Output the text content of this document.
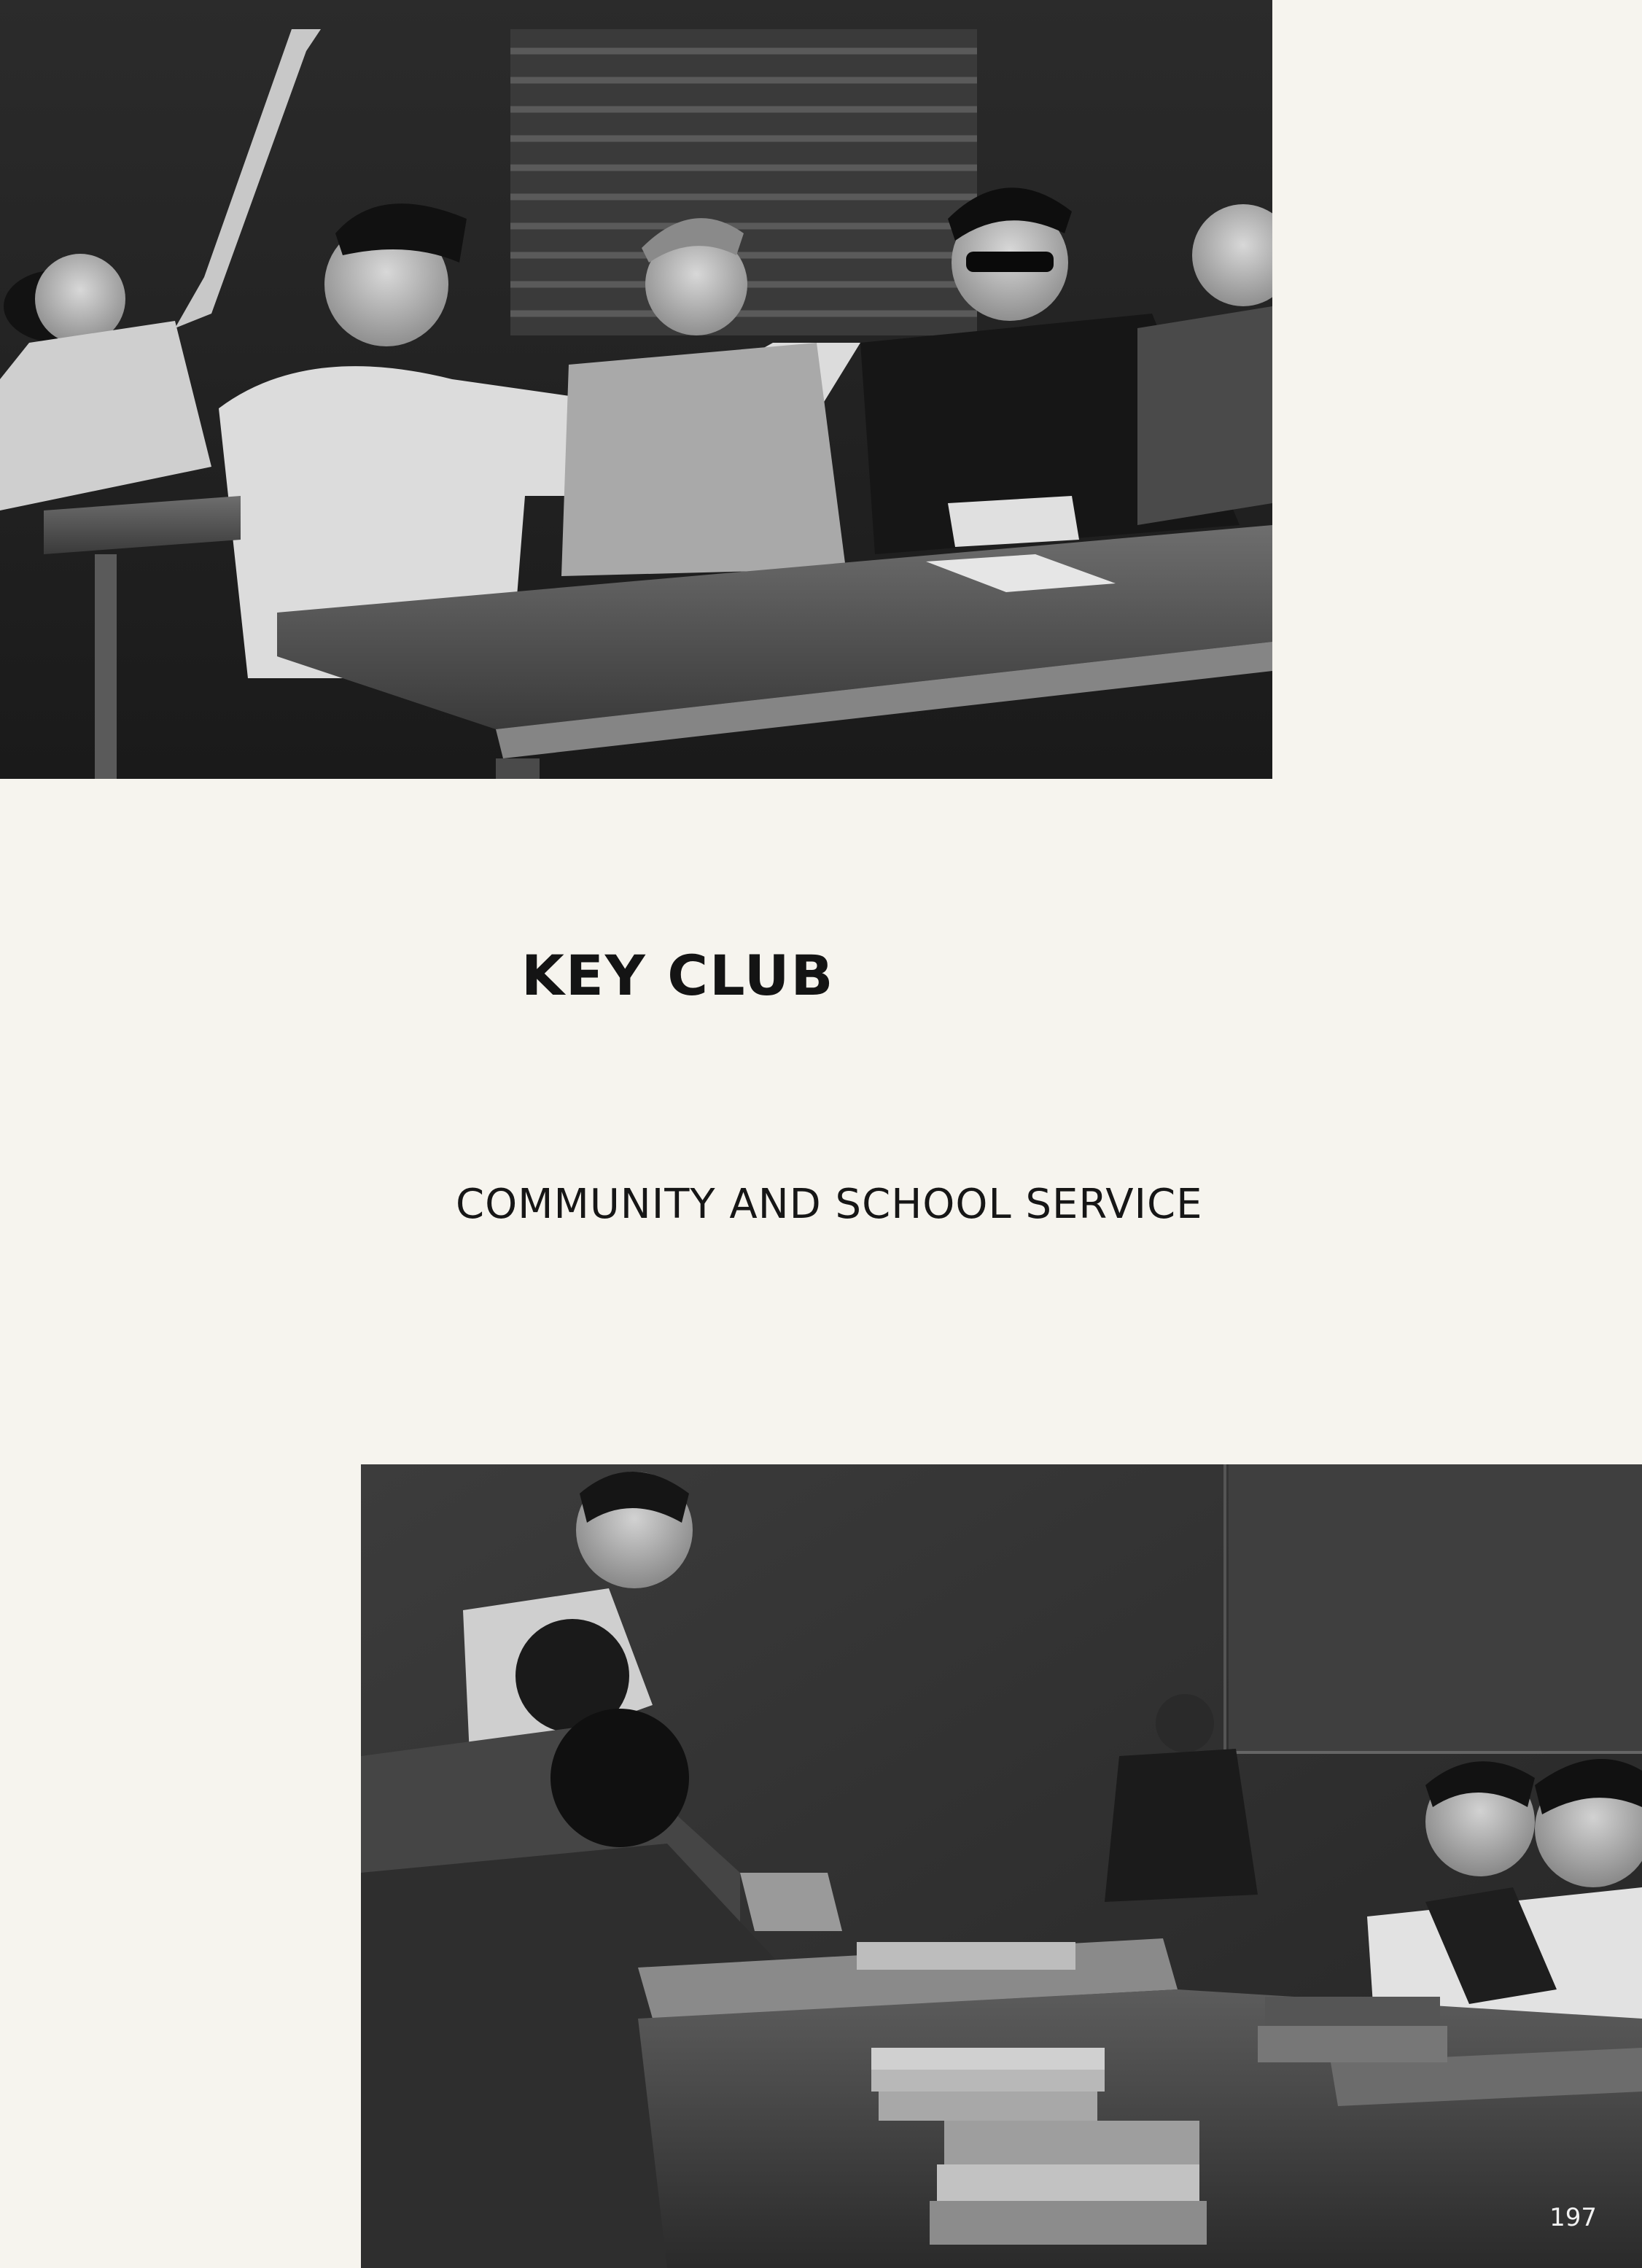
KEY CLUB
COMMUNITY AND SCHOOL SERVICE
197
